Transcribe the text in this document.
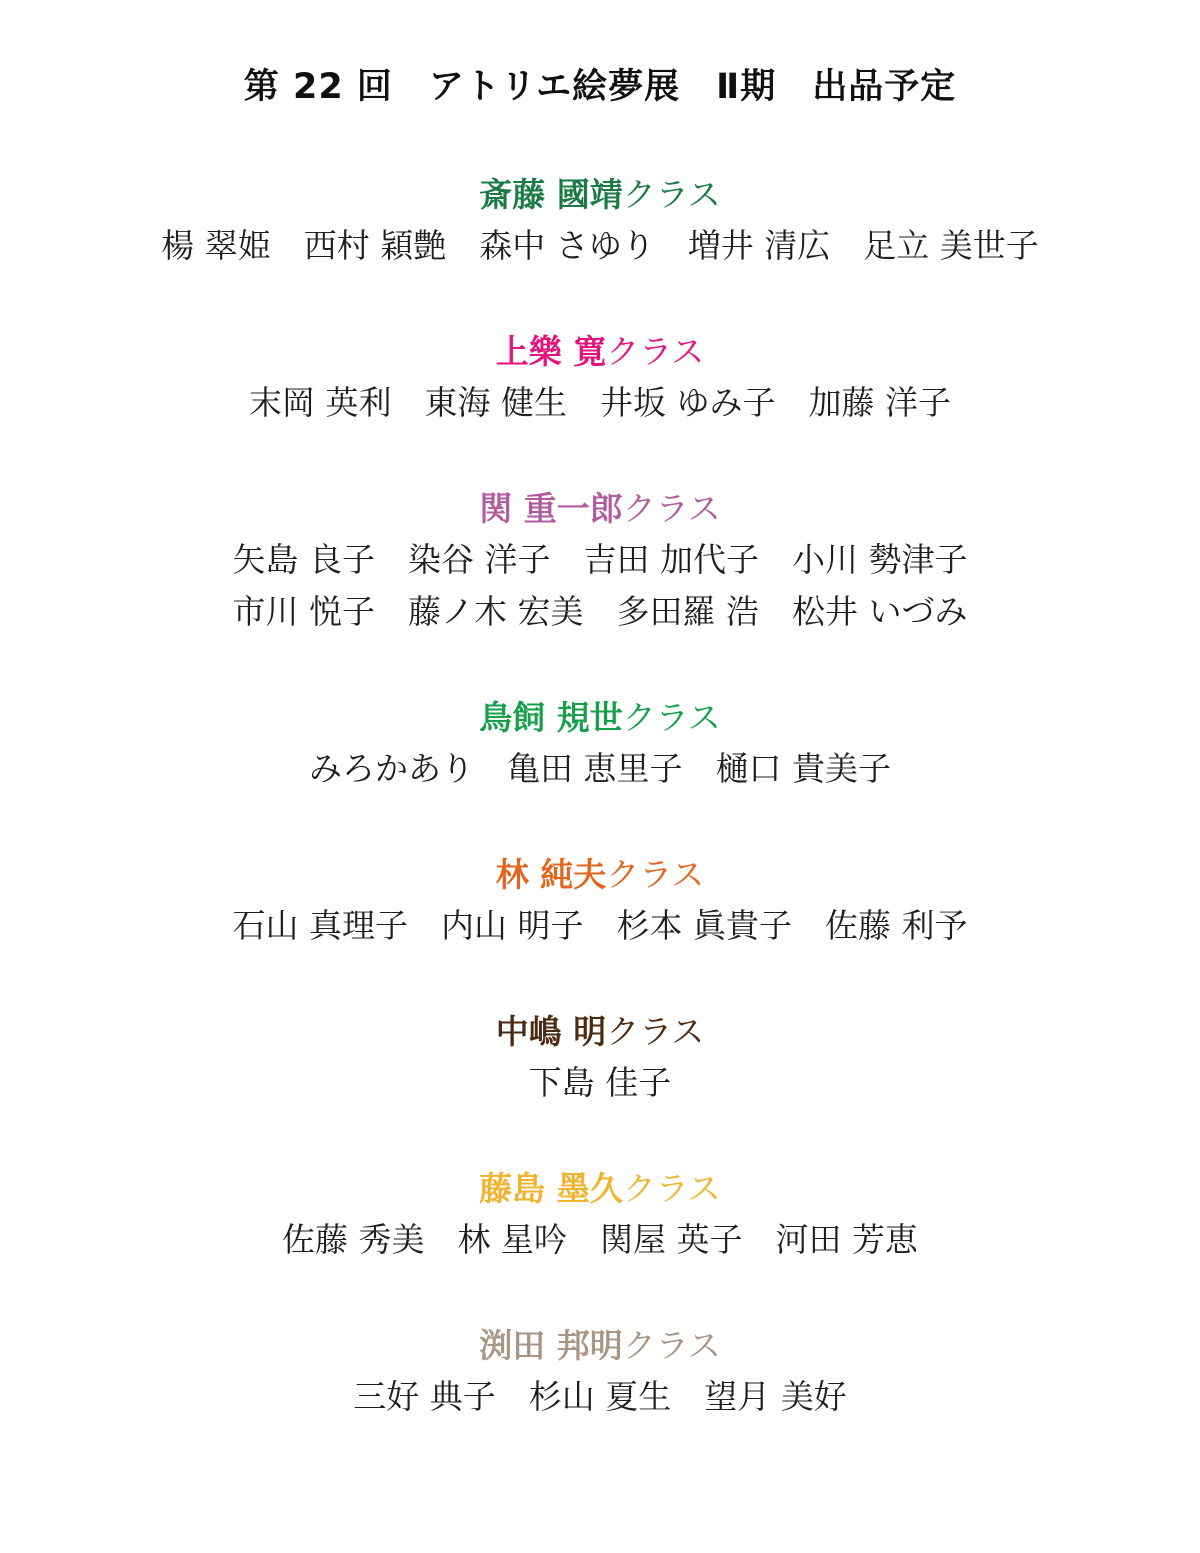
第 22 回　アトリエ絵夢展　Ⅱ期　出品予定
斎藤 國靖クラス
楊 翠姫　西村 穎艶　森中 さゆり　増井 清広　足立 美世子
上樂 寛クラス
末岡 英利　東海 健生　井坂 ゆみ子　加藤 洋子
関 重一郎クラス
矢島 良子　染谷 洋子　吉田 加代子　小川 勢津子
市川 悦子　藤ノ木 宏美　多田羅 浩　松井 いづみ
鳥飼 規世クラス
みろかあり　亀田 恵里子　樋口 貴美子
林 純夫クラス
石山 真理子　内山 明子　杉本 眞貴子　佐藤 利予
中嶋 明クラス
下島 佳子
藤島 墨久クラス
佐藤 秀美　林 星吟　関屋 英子　河田 芳恵
渕田 邦明クラス
三好 典子　杉山 夏生　望月 美好
